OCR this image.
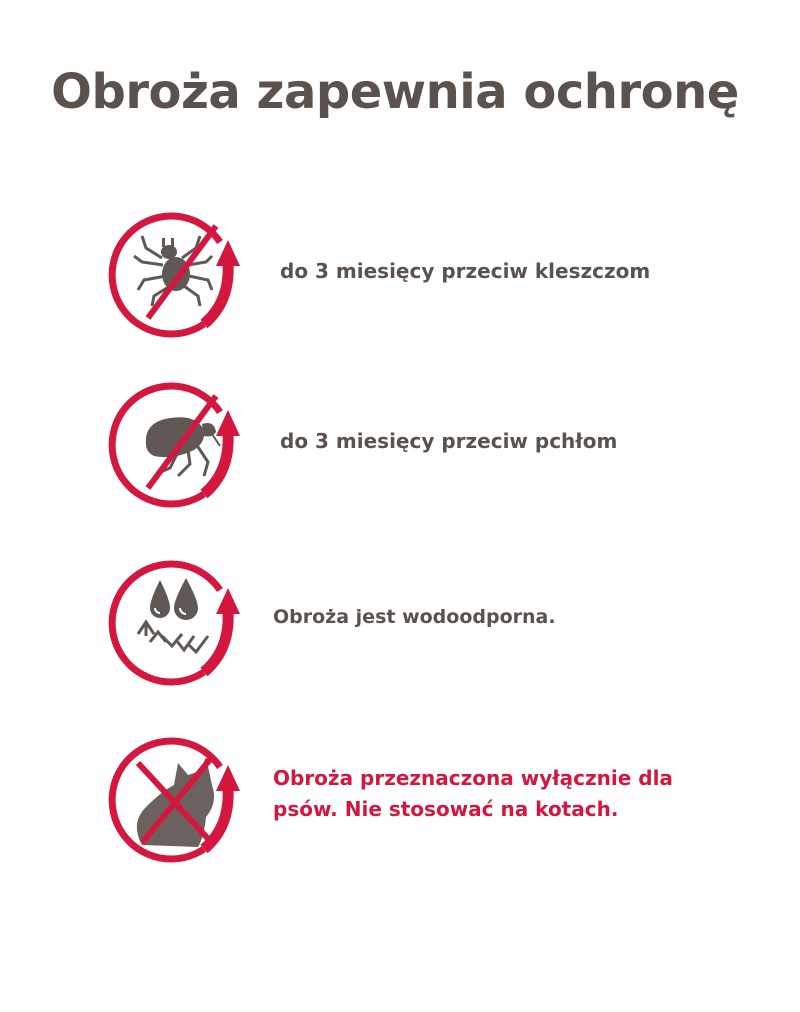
Obroża zapewnia ochronę
do 3 miesięcy przeciw kleszczom
do 3 miesięcy przeciw pchłom
Obroża jest wodoodporna.
Obroża przeznaczona wyłącznie dla psów. Nie stosować na kotach.
